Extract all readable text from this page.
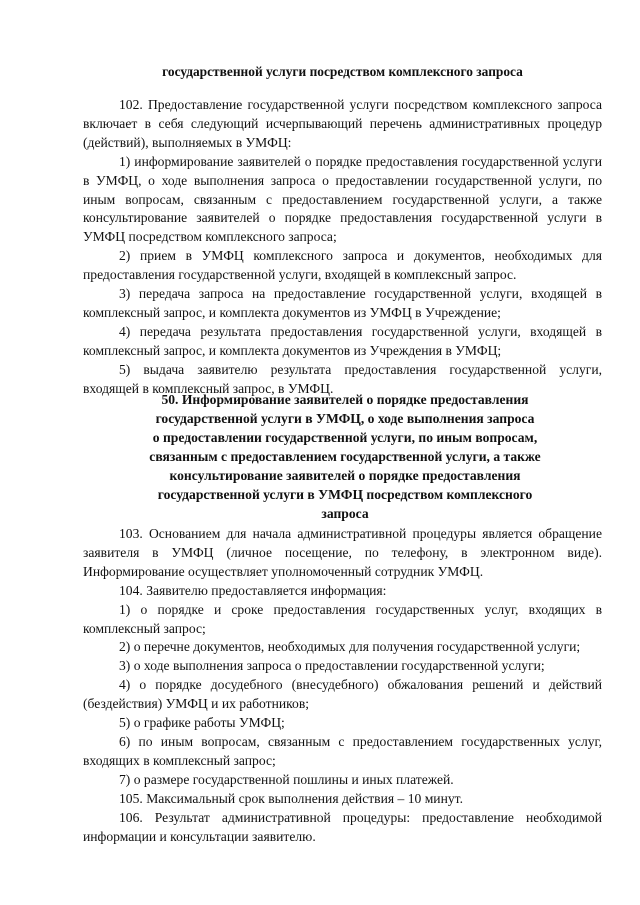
государственной услуги посредством комплексного запроса

102. Предоставление государственной услуги посредством комплексного запроса включает в себя следующий исчерпывающий перечень административных процедур (действий), выполняемых в УМФЦ:

1) информирование заявителей о порядке предоставления государственной услуги в УМФЦ, о ходе выполнения запроса о предоставлении государственной услуги, по иным вопросам, связанным с предоставлением государственной услуги, а также консультирование заявителей о порядке предоставления государственной услуги в УМФЦ посредством комплексного запроса;

2) прием в УМФЦ комплексного запроса и документов, необходимых для предоставления государственной услуги, входящей в комплексный запрос.

3) передача запроса на предоставление государственной услуги, входящей в комплексный запрос, и комплекта документов из УМФЦ в Учреждение;

4) передача результата предоставления государственной услуги, входящей в комплексный запрос, и комплекта документов из Учреждения в УМФЦ;

5) выдача заявителю результата предоставления государственной услуги, входящей в комплексный запрос, в УМФЦ.

50. Информирование заявителей о порядке предоставления
государственной услуги в УМФЦ, о ходе выполнения запроса
о предоставлении государственной услуги, по иным вопросам,
связанным с предоставлением государственной услуги, а также
консультирование заявителей о порядке предоставления
государственной услуги в УМФЦ посредством комплексного
запроса

103. Основанием для начала административной процедуры является обращение заявителя в УМФЦ (личное посещение, по телефону, в электронном виде). Информирование осуществляет уполномоченный сотрудник УМФЦ.

104. Заявителю предоставляется информация:

1) о порядке и сроке предоставления государственных услуг, входящих в комплексный запрос;

2) о перечне документов, необходимых для получения государственной услуги;

3) о ходе выполнения запроса о предоставлении государственной услуги;

4) о порядке досудебного (внесудебного) обжалования решений и действий (бездействия) УМФЦ и их работников;

5) о графике работы УМФЦ;

6) по иным вопросам, связанным с предоставлением государственных услуг, входящих в комплексный запрос;

7) о размере государственной пошлины и иных платежей.

105. Максимальный срок выполнения действия – 10 минут.

106. Результат административной процедуры: предоставление необходимой информации и консультации заявителю.
